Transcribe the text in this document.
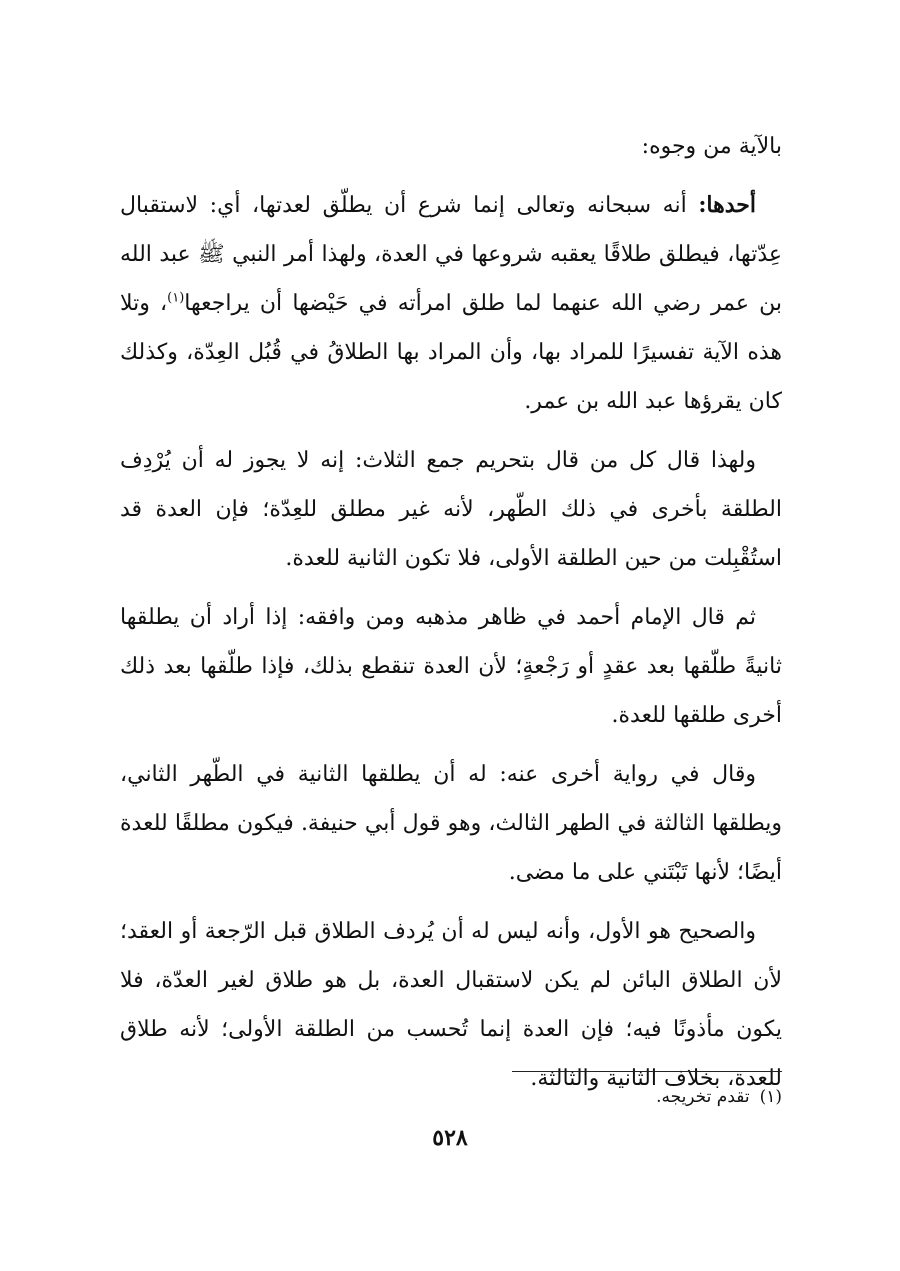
بالآية من وجوه:

أحدها: أنه سبحانه وتعالى إنما شرع أن يطلّق لعدتها، أي: لاستقبال عِدّتها، فيطلق طلاقًا يعقبه شروعها في العدة، ولهذا أمر النبي ﷺ عبد الله بن عمر رضي الله عنهما لما طلق امرأته في حَيْضها أن يراجعها$^{(١)}$، وتلا هذه الآية تفسيرًا للمراد بها، وأن المراد بها الطلاقُ في قُبُل العِدّة، وكذلك كان يقرؤها عبد الله بن عمر.

ولهذا قال كل من قال بتحريم جمع الثلاث: إنه لا يجوز له أن يُرْدِف الطلقة بأخرى في ذلك الطّهر، لأنه غير مطلق للعِدّة؛ فإن العدة قد استُقْبِلت من حين الطلقة الأولى، فلا تكون الثانية للعدة.

ثم قال الإمام أحمد في ظاهر مذهبه ومن وافقه: إذا أراد أن يطلقها ثانيةً طلّقها بعد عقدٍ أو رَجْعةٍ؛ لأن العدة تنقطع بذلك، فإذا طلّقها بعد ذلك أخرى طلقها للعدة.

وقال في رواية أخرى عنه: له أن يطلقها الثانية في الطّهر الثاني، ويطلقها الثالثة في الطهر الثالث، وهو قول أبي حنيفة. فيكون مطلقًا للعدة أيضًا؛ لأنها تَبْتَني على ما مضى.

والصحيح هو الأول، وأنه ليس له أن يُردف الطلاق قبل الرّجعة أو العقد؛ لأن الطلاق البائن لم يكن لاستقبال العدة، بل هو طلاق لغير العدّة، فلا يكون مأذونًا فيه؛ فإن العدة إنما تُحسب من الطلقة الأولى؛ لأنه طلاق للعدة، بخلاف الثانية والثالثة.

(١)تقدم تخريجه.
٥٢٨
